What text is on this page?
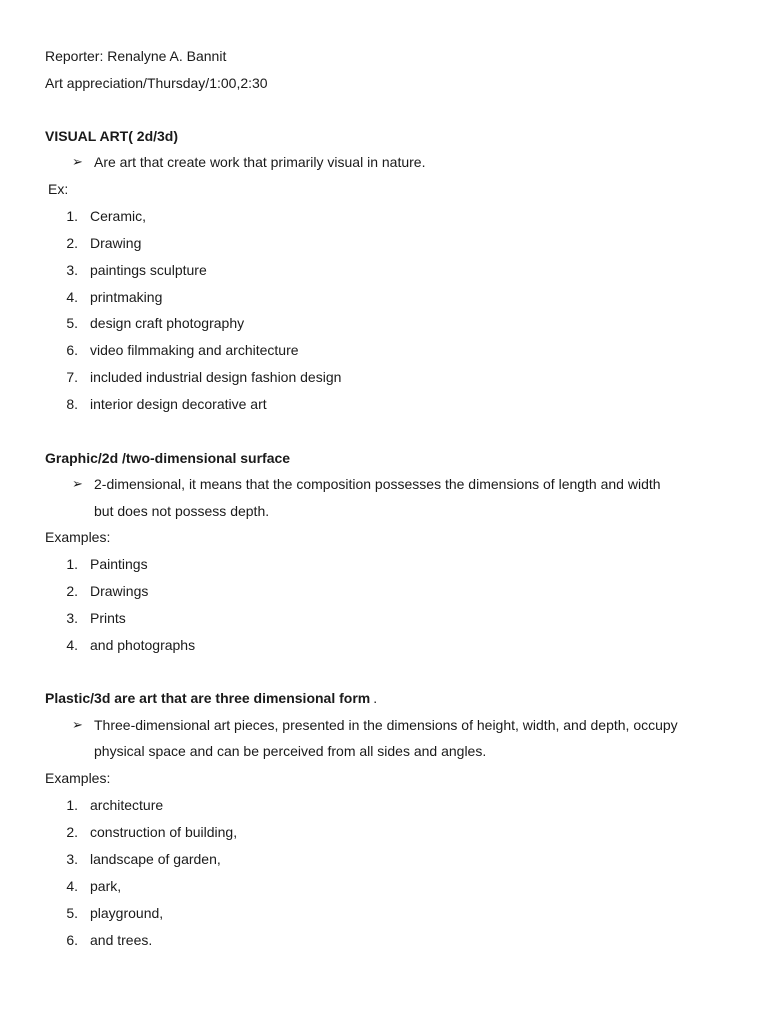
Reporter: Renalyne A. Bannit
Art appreciation/Thursday/1:00,2:30
VISUAL ART( 2d/3d)
➢ Are art that create work that primarily visual in nature.
Ex:
1. Ceramic,
2. Drawing
3. paintings sculpture
4. printmaking
5. design craft photography
6. video filmmaking and architecture
7. included industrial design fashion design
8. interior design decorative art
Graphic/2d /two-dimensional surface
➢ 2-dimensional, it means that the composition possesses the dimensions of length and width
but does not possess depth.
Examples:
1. Paintings
2. Drawings
3. Prints
4. and photographs
Plastic/3d are art that are three dimensional form .
➢ Three-dimensional art pieces, presented in the dimensions of height, width, and depth, occupy
physical space and can be perceived from all sides and angles.
Examples:
1. architecture
2. construction of building,
3. landscape of garden,
4. park,
5. playground,
6. and trees.
